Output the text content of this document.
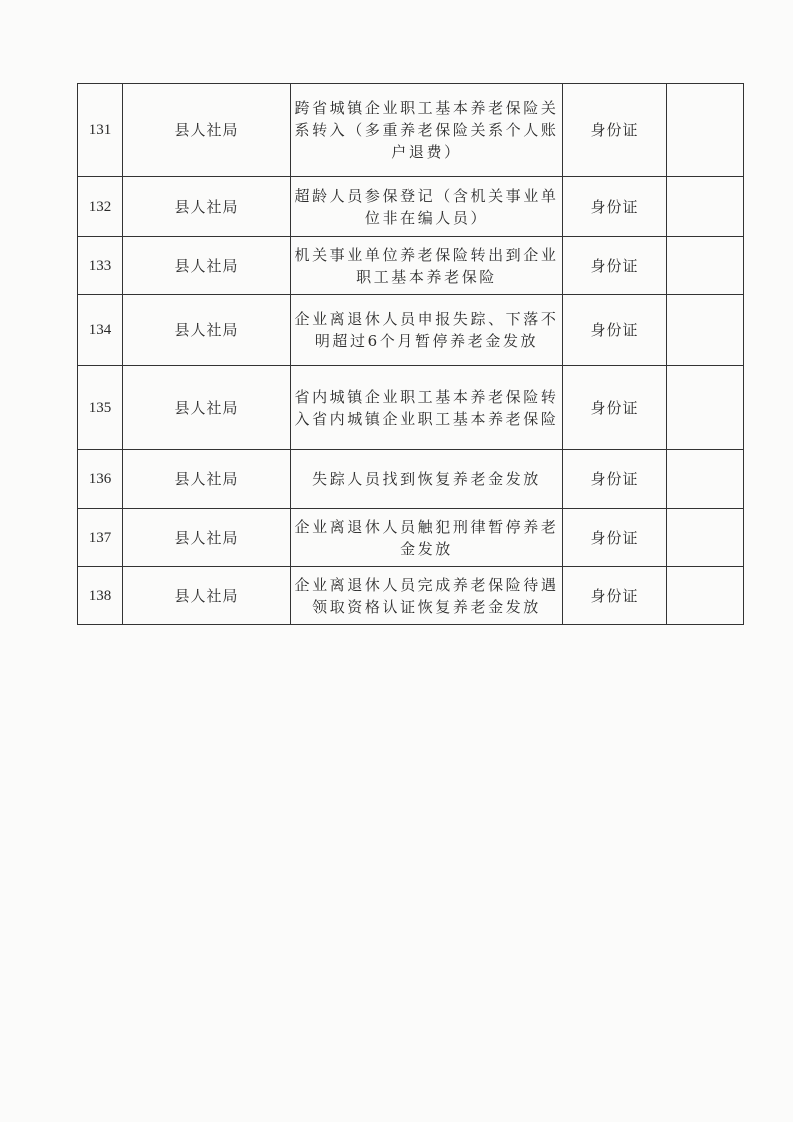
131	县人社局	跨省城镇企业职工基本养老保险关系转入（多重养老保险关系个人账户退费）	身份证	
132	县人社局	超龄人员参保登记（含机关事业单位非在编人员）	身份证	
133	县人社局	机关事业单位养老保险转出到企业职工基本养老保险	身份证	
134	县人社局	企业离退休人员申报失踪、下落不明超过6个月暂停养老金发放	身份证	
135	县人社局	省内城镇企业职工基本养老保险转入省内城镇企业职工基本养老保险	身份证	
136	县人社局	失踪人员找到恢复养老金发放	身份证	
137	县人社局	企业离退休人员触犯刑律暂停养老金发放	身份证	
138	县人社局	企业离退休人员完成养老保险待遇领取资格认证恢复养老金发放	身份证	
